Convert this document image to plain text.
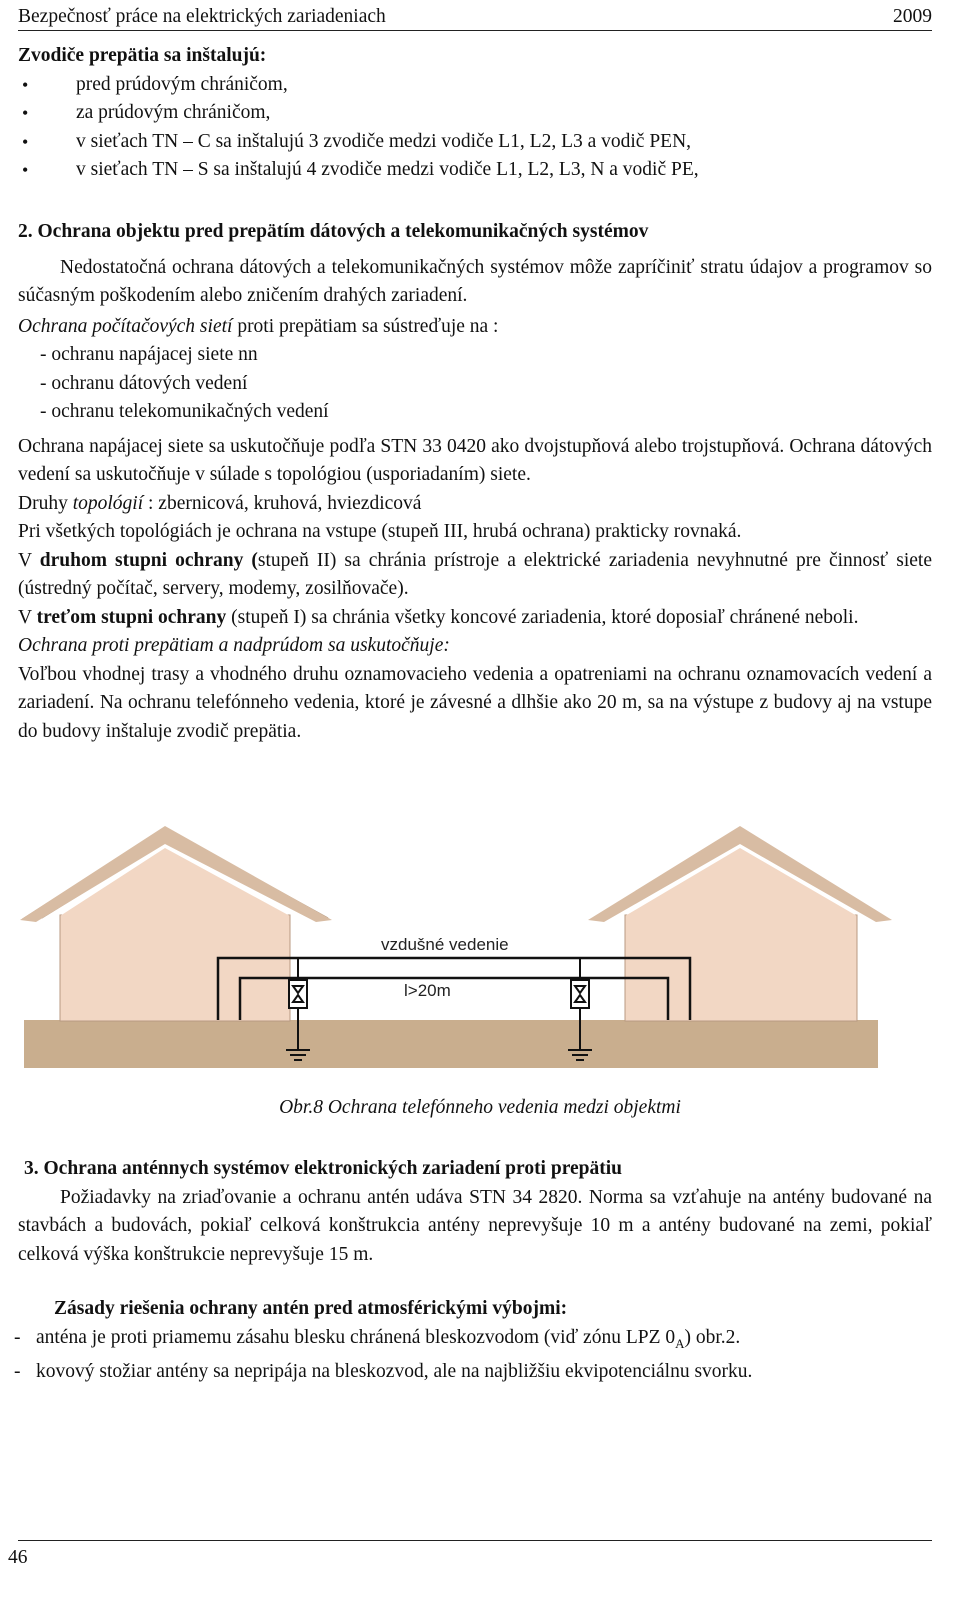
Bezpečnosť práce na elektrických zariadeniach	2009
Zvodiče prepätia sa inštalujú:
• pred prúdovým chráničom,
• za prúdovým chráničom,
• v sieťach TN – C sa inštalujú 3 zvodiče medzi vodiče L1, L2, L3 a vodič PEN,
• v sieťach TN – S sa inštalujú 4 zvodiče medzi vodiče L1, L2, L3, N a vodič PE,
2. Ochrana objektu pred prepätím dátových a telekomunikačných systémov
Nedostatočná ochrana dátových a telekomunikačných systémov môže zapríčiniť stratu údajov a programov so súčasným poškodením alebo zničením drahých zariadení.
Ochrana počítačových sietí proti prepätiam sa sústreďuje na :
- ochranu napájacej siete nn
- ochranu dátových vedení
- ochranu telekomunikačných vedení
Ochrana napájacej siete sa uskutočňuje podľa STN 33 0420 ako dvojstupňová alebo trojstupňová. Ochrana dátových vedení sa uskutočňuje v súlade s topológiou (usporiadaním) siete.
Druhy topológií : zbernicová, kruhová, hviezdicová
Pri všetkých topológiách je ochrana na vstupe (stupeň III, hrubá ochrana) prakticky rovnaká.
V druhom stupni ochrany (stupeň II) sa chránia prístroje a elektrické zariadenia nevyhnutné pre činnosť siete (ústredný počítač, servery, modemy, zosilňovače).
V treťom stupni ochrany (stupeň I) sa chránia všetky koncové zariadenia, ktoré doposiaľ chránené neboli.
Ochrana proti prepätiam a nadprúdom sa uskutočňuje:
Voľbou vhodnej trasy a vhodného druhu oznamovacieho vedenia a opatreniami na ochranu oznamovacích vedení a zariadení. Na ochranu telefónneho vedenia, ktoré je závesné a dlhšie ako 20 m, sa na výstupe z budovy aj na vstupe do budovy inštaluje zvodič prepätia.
vzdušné vedenie
l>20m
Obr.8 Ochrana telefónneho vedenia medzi objektmi
3. Ochrana anténnych systémov elektronických zariadení proti prepätiu
Požiadavky na zriaďovanie a ochranu antén udáva STN 34 2820. Norma sa vzťahuje na antény budované na stavbách a budovách, pokiaľ celková konštrukcia antény neprevyšuje 10 m a antény budované na zemi, pokiaľ celková výška konštrukcie neprevyšuje 15 m.
Zásady riešenia ochrany antén pred atmosférickými výbojmi:
- anténa je proti priamemu zásahu blesku chránená bleskozvodom (viď zónu LPZ $0_A$) obr.2.
- kovový stožiar antény sa nepripája na bleskozvod, ale na najbližšiu ekvipotenciálnu svorku.
46
